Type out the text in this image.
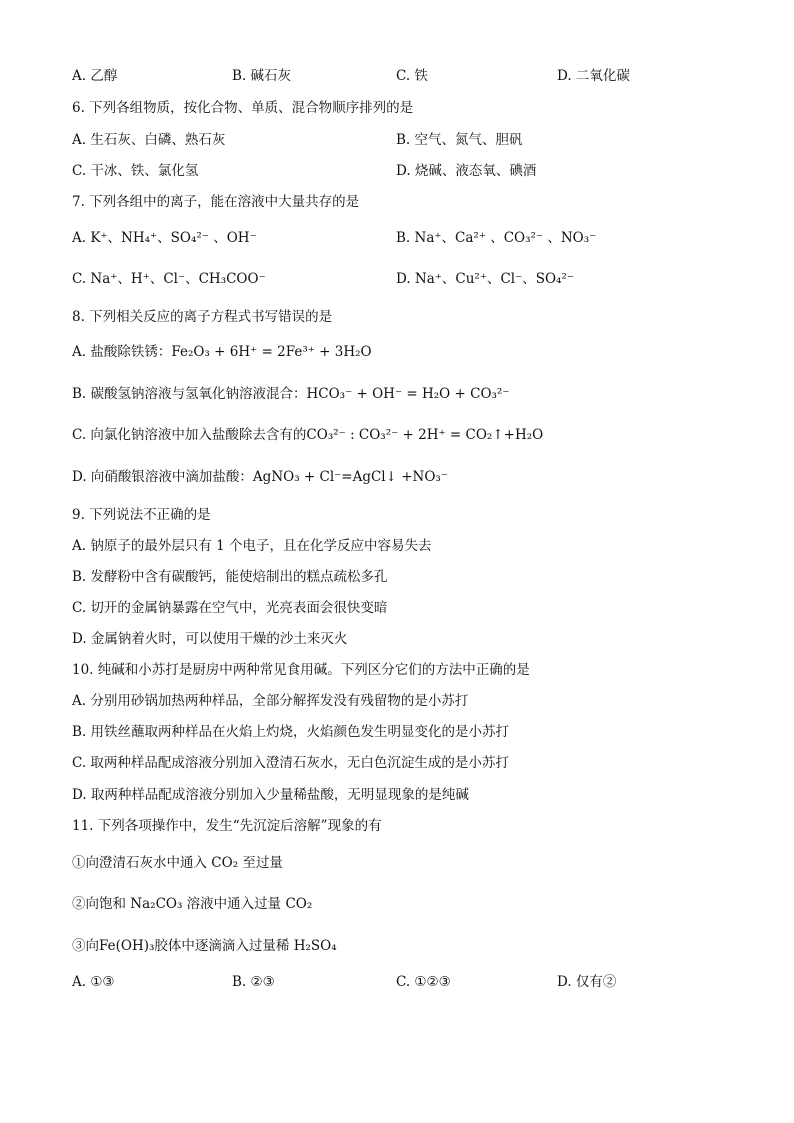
A. 乙醇	B. 碱石灰	C. 铁	D. 二氧化碳
6. 下列各组物质，按化合物、单质、混合物顺序排列的是
A. 生石灰、白磷、熟石灰	B. 空气、氮气、胆矾
C. 干冰、铁、氯化氢	D. 烧碱、液态氧、碘酒
7. 下列各组中的离子，能在溶液中大量共存的是
A. K⁺、NH₄⁺、SO₄²⁻ 、OH⁻	B. Na⁺、Ca²⁺ 、CO₃²⁻ 、NO₃⁻
C. Na⁺、H⁺、Cl⁻、CH₃COO⁻	D. Na⁺、Cu²⁺、Cl⁻、SO₄²⁻
8. 下列相关反应的离子方程式书写错误的是
A. 盐酸除铁锈：Fe₂O₃ + 6H⁺ = 2Fe³⁺ + 3H₂O
B. 碳酸氢钠溶液与氢氧化钠溶液混合：HCO₃⁻ + OH⁻ = H₂O + CO₃²⁻
C. 向氯化钠溶液中加入盐酸除去含有的CO₃²⁻ : CO₃²⁻ + 2H⁺ = CO₂↑+H₂O
D. 向硝酸银溶液中滴加盐酸：AgNO₃ + Cl⁻=AgCl↓ +NO₃⁻
9. 下列说法不正确的是
A. 钠原子的最外层只有 1 个电子，且在化学反应中容易失去
B. 发酵粉中含有碳酸钙，能使焙制出的糕点疏松多孔
C. 切开的金属钠暴露在空气中，光亮表面会很快变暗
D. 金属钠着火时，可以使用干燥的沙土来灭火
10. 纯碱和小苏打是厨房中两种常见食用碱。下列区分它们的方法中正确的是
A. 分别用砂锅加热两种样品，全部分解挥发没有残留物的是小苏打
B. 用铁丝蘸取两种样品在火焰上灼烧，火焰颜色发生明显变化的是小苏打
C. 取两种样品配成溶液分别加入澄清石灰水，无白色沉淀生成的是小苏打
D. 取两种样品配成溶液分别加入少量稀盐酸，无明显现象的是纯碱
11. 下列各项操作中，发生“先沉淀后溶解”现象的有
①向澄清石灰水中通入 CO₂ 至过量
②向饱和 Na₂CO₃ 溶液中通入过量 CO₂
③向Fe(OH)₃胶体中逐滴滴入过量稀 H₂SO₄
A. ①③	B. ②③	C. ①②③	D. 仅有②
